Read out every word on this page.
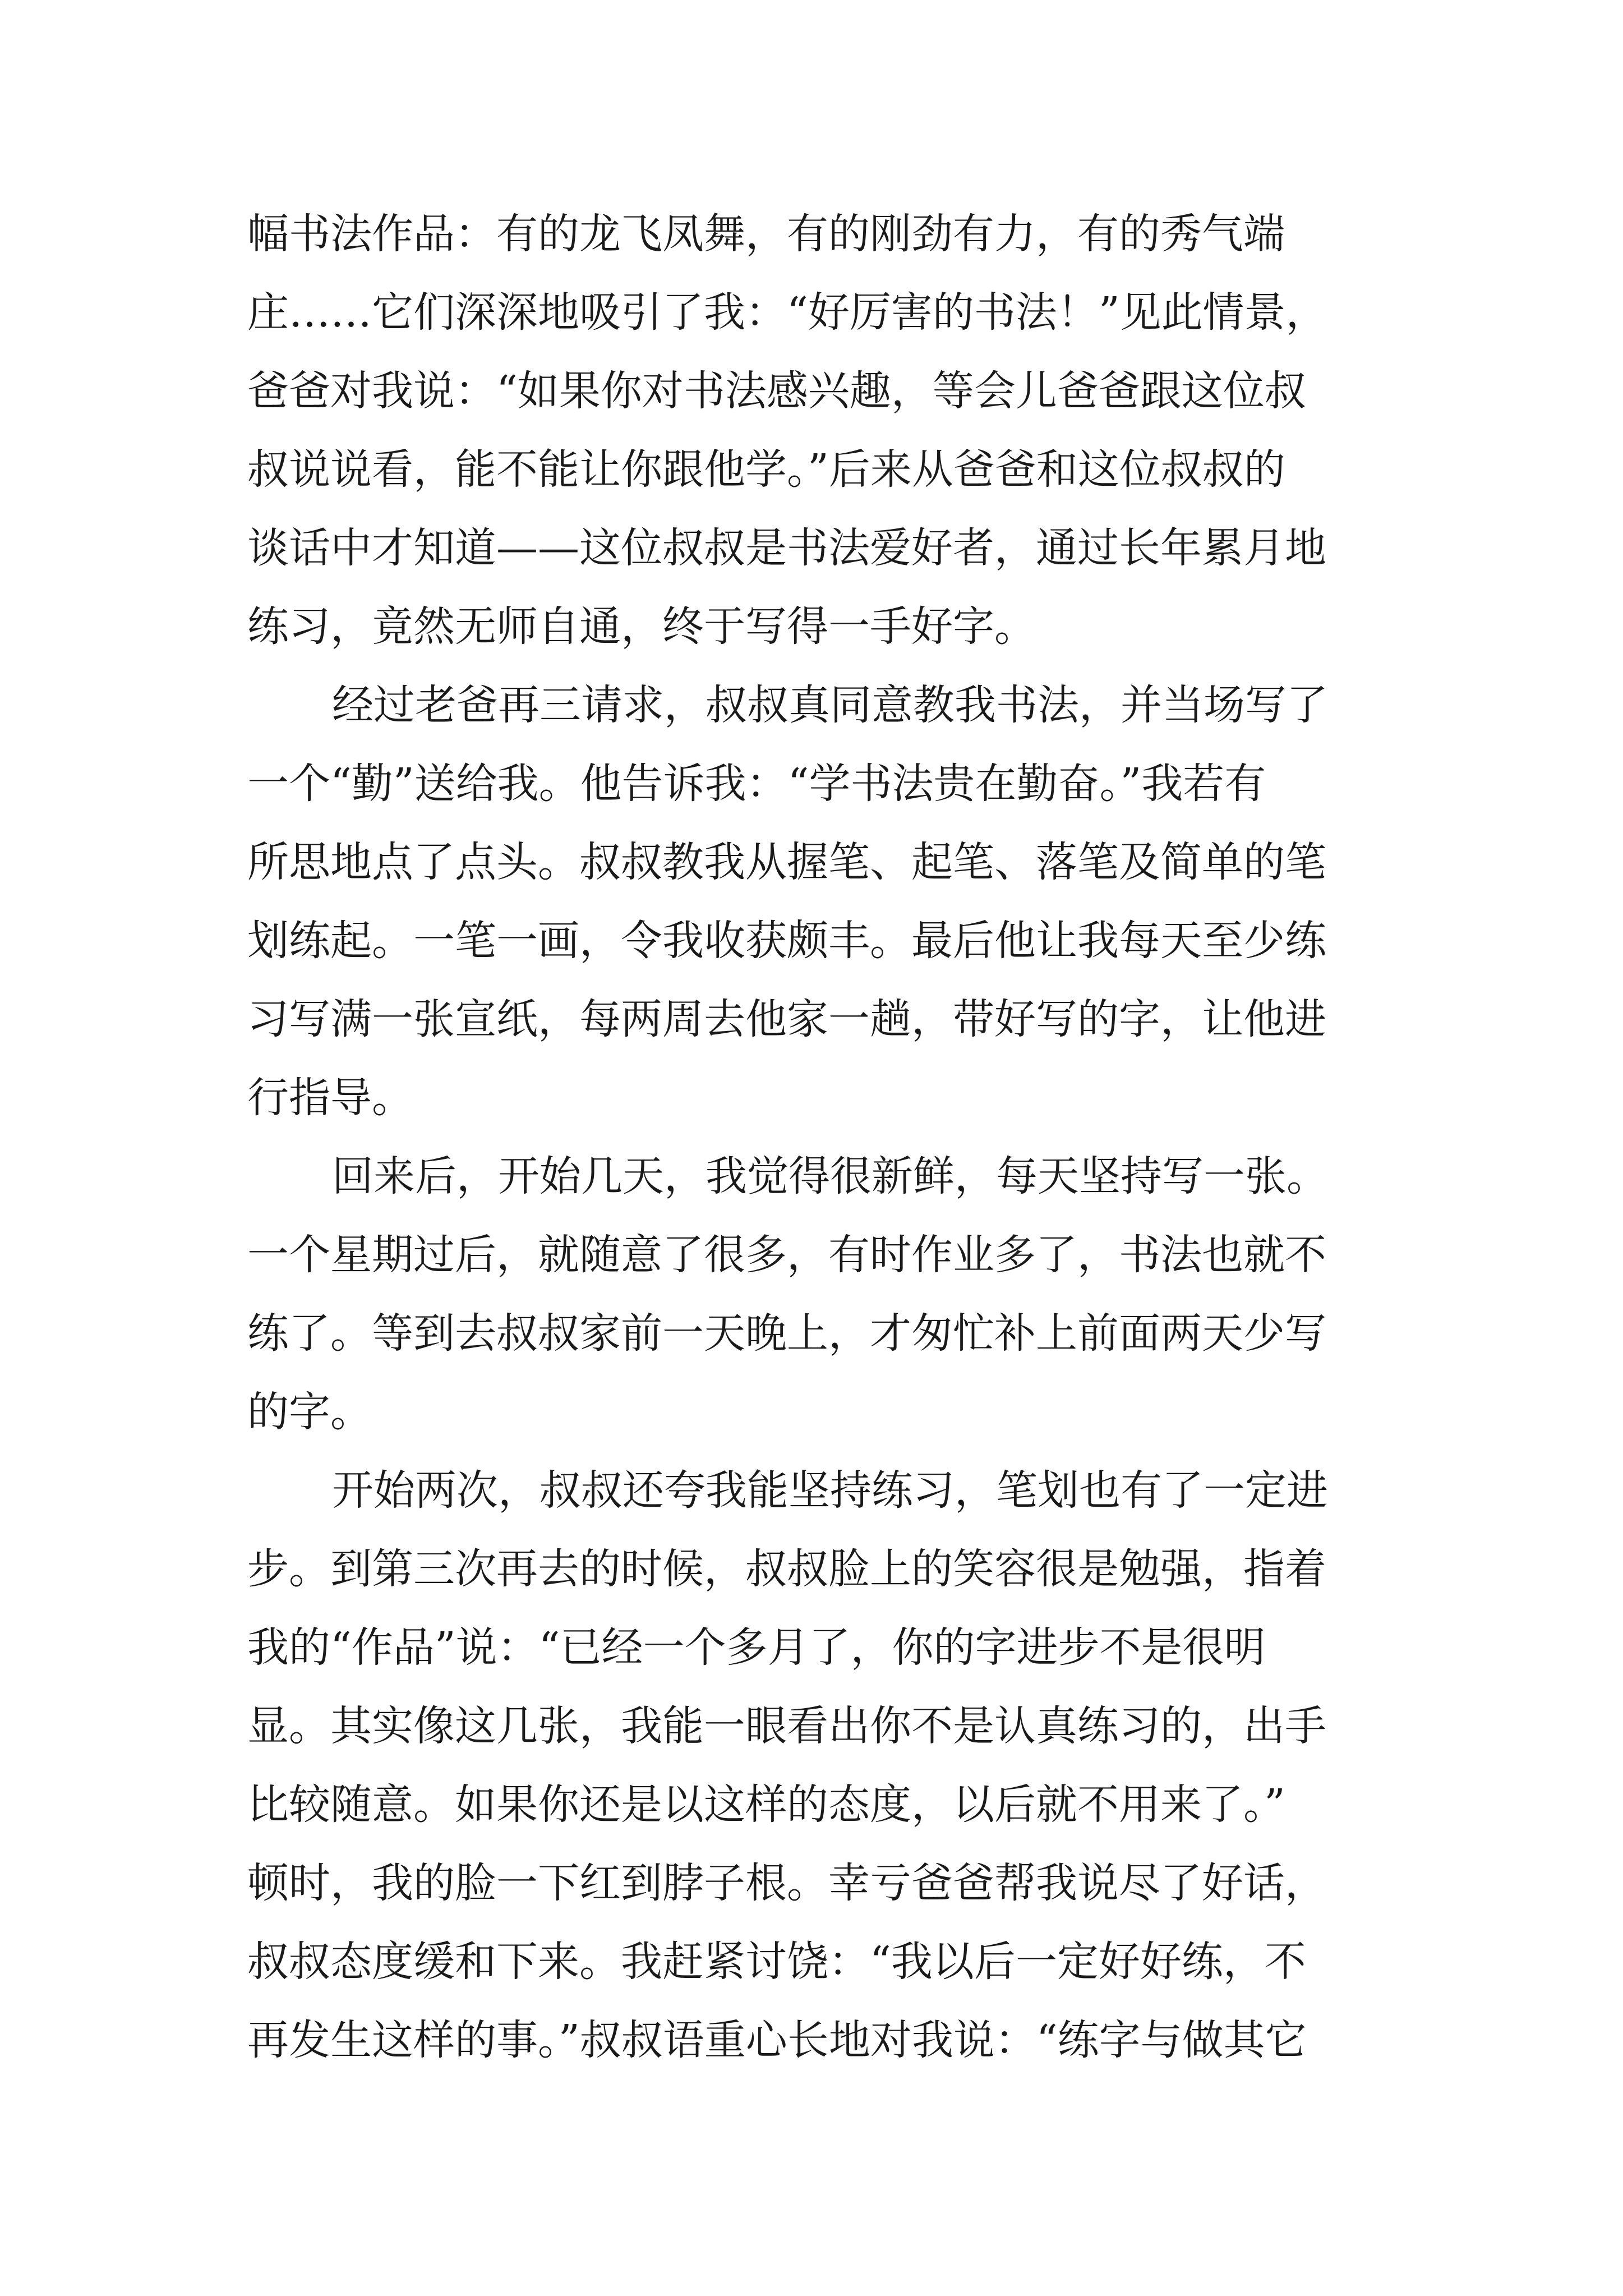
幅书法作品：有的龙飞凤舞，有的刚劲有力，有的秀气端
庄……它们深深地吸引了我：“好厉害的书法！”见此情景，
爸爸对我说：“如果你对书法感兴趣，等会儿爸爸跟这位叔
叔说说看，能不能让你跟他学。”后来从爸爸和这位叔叔的
谈话中才知道——这位叔叔是书法爱好者，通过长年累月地
练习，竟然无师自通，终于写得一手好字。
经过老爸再三请求，叔叔真同意教我书法，并当场写了
一个“勤”送给我。他告诉我：“学书法贵在勤奋。”我若有
所思地点了点头。叔叔教我从握笔、起笔、落笔及简单的笔
划练起。一笔一画，令我收获颇丰。最后他让我每天至少练
习写满一张宣纸，每两周去他家一趟，带好写的字，让他进
行指导。
回来后，开始几天，我觉得很新鲜，每天坚持写一张。
一个星期过后，就随意了很多，有时作业多了，书法也就不
练了。等到去叔叔家前一天晚上，才匆忙补上前面两天少写
的字。
开始两次，叔叔还夸我能坚持练习，笔划也有了一定进
步。到第三次再去的时候，叔叔脸上的笑容很是勉强，指着
我的“作品”说：“已经一个多月了，你的字进步不是很明
显。其实像这几张，我能一眼看出你不是认真练习的，出手
比较随意。如果你还是以这样的态度，以后就不用来了。”
顿时，我的脸一下红到脖子根。幸亏爸爸帮我说尽了好话，
叔叔态度缓和下来。我赶紧讨饶：“我以后一定好好练，不
再发生这样的事。”叔叔语重心长地对我说：“练字与做其它
